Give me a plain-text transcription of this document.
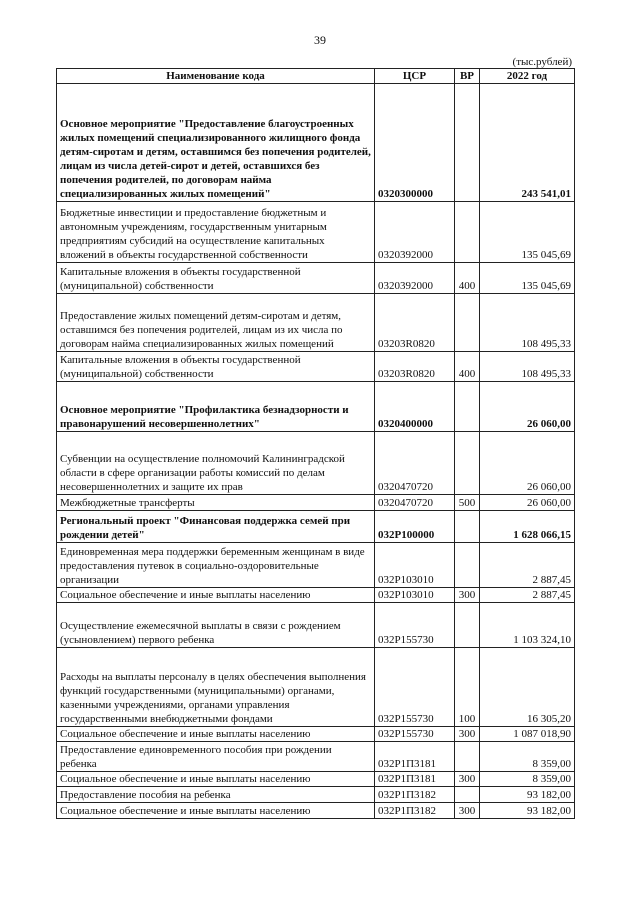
39
(тыс.рублей)
Наименование кода	ЦСР	ВР	2022 год
Основное мероприятие "Предоставление благоустроенных жилых помещений специализированного жилищного фонда детям-сиротам и детям, оставшимся без попечения родителей, лицам из числа детей-сирот и детей, оставшихся без попечения родителей, по договорам найма специализированных жилых помещений"	0320300000		243 541,01
Бюджетные инвестиции и предоставление бюджетным и автономным учреждениям, государственным унитарным предприятиям субсидий на осуществление капитальных вложений в объекты государственной собственности	0320392000		135 045,69
Капитальные вложения в объекты государственной (муниципальной) собственности	0320392000	400	135 045,69
Предоставление жилых помещений детям-сиротам и детям, оставшимся без попечения родителей, лицам из их числа по договорам найма специализированных жилых помещений	03203R0820		108 495,33
Капитальные вложения в объекты государственной (муниципальной) собственности	03203R0820	400	108 495,33
Основное мероприятие "Профилактика безнадзорности и правонарушений несовершеннолетних"	0320400000		26 060,00
Субвенции на осуществление полномочий Калининградской области в сфере организации работы комиссий по делам несовершеннолетних и защите их прав	0320470720		26 060,00
Межбюджетные трансферты	0320470720	500	26 060,00
Региональный проект "Финансовая поддержка семей при рождении детей"	032P100000		1 628 066,15
Единовременная мера поддержки беременным женщинам в виде предоставления путевок в социально-оздоровительные организации	032P103010		2 887,45
Социальное обеспечение и иные выплаты населению	032P103010	300	2 887,45
Осуществление ежемесячной выплаты в связи с рождением (усыновлением) первого ребенка	032P155730		1 103 324,10
Расходы на выплаты персоналу в целях обеспечения выполнения функций государственными (муниципальными) органами, казенными учреждениями, органами управления государственными внебюджетными фондами	032P155730	100	16 305,20
Социальное обеспечение и иные выплаты населению	032P155730	300	1 087 018,90
Предоставление единовременного пособия при рождении ребенка	032P1П3181		8 359,00
Социальное обеспечение и иные выплаты населению	032P1П3181	300	8 359,00
Предоставление пособия на ребенка	032P1П3182		93 182,00
Социальное обеспечение и иные выплаты населению	032P1П3182	300	93 182,00
